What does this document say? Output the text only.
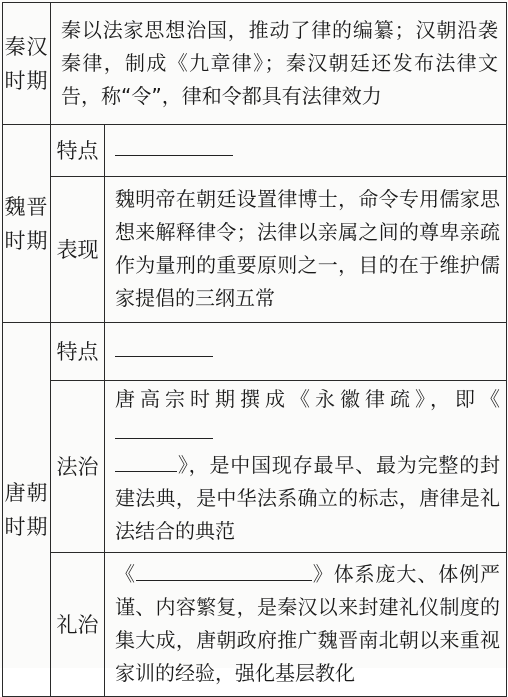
秦汉
时期	秦以法家思想治国，推动了律的编纂；汉朝沿袭秦律，制成《九章律》；秦汉朝廷还发布法律文告，称“令”，律和令都具有法律效力	
魏晋
时期	特点	
	表现	魏明帝在朝廷设置律博士，命令专用儒家思想来解释律令；法律以亲属之间的尊卑亲疏作为量刑的重要原则之一，目的在于维护儒家提倡的三纲五常
唐朝
时期	特点	
	法治	唐高宗时期撰成《永徽律疏》，即《
》，是中国现存最早、最为完整的封建法典，是中华法系确立的标志，唐律是礼法结合的典范
	礼治	《 》体系庞大、体例严谨、内容繁复，是秦汉以来封建礼仪制度的集大成，唐朝政府推广魏晋南北朝以来重视家训的经验，强化基层教化
